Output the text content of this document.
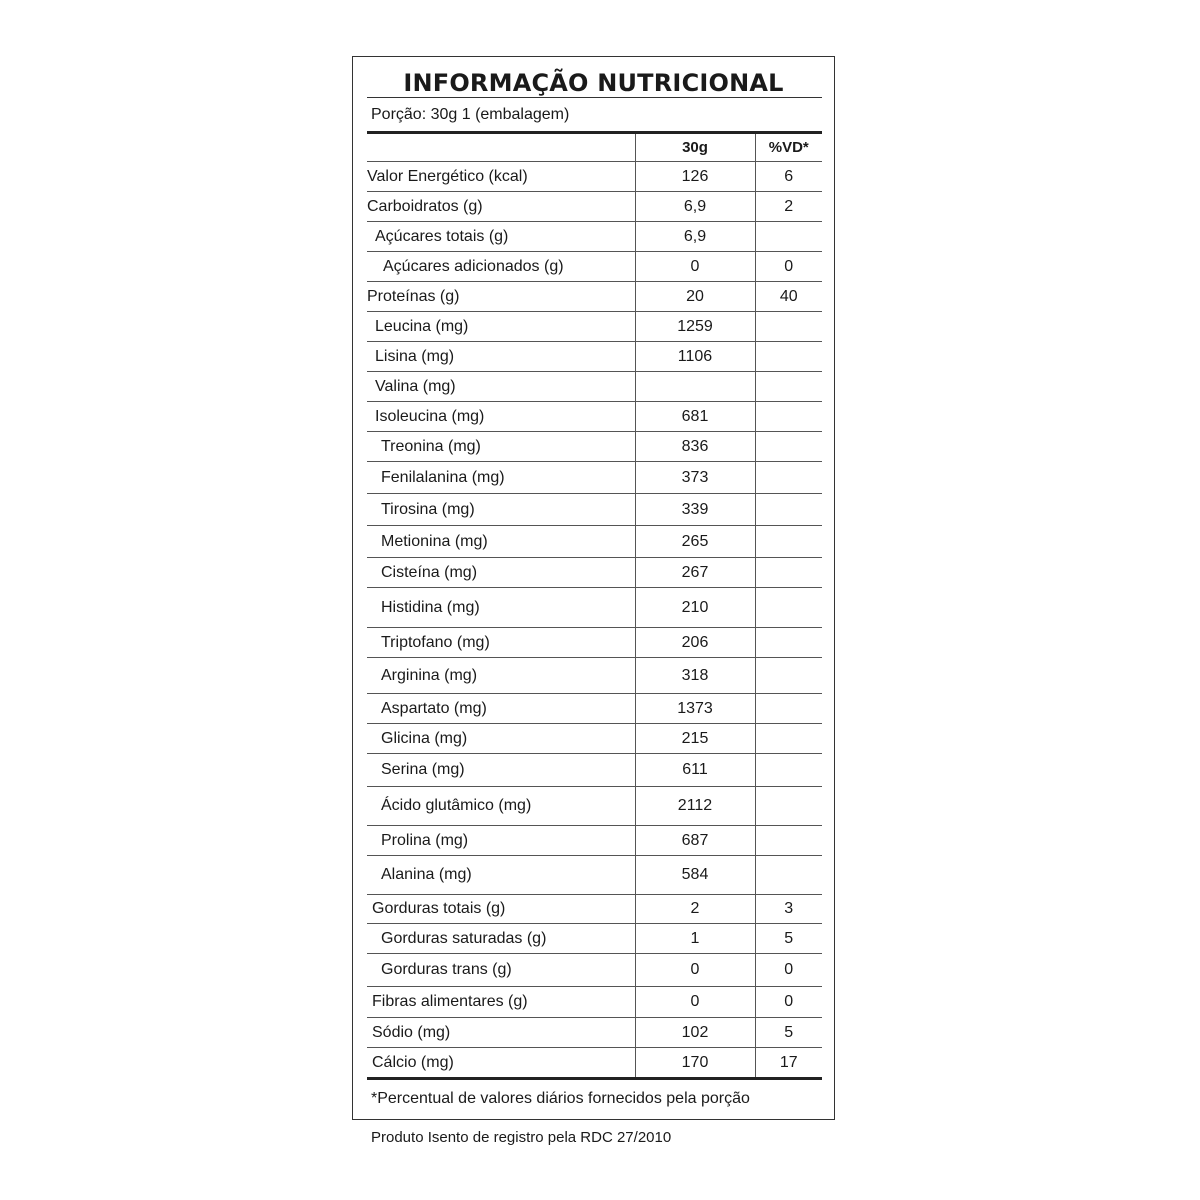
INFORMAÇÃO NUTRICIONAL
Porção: 30g 1 (embalagem)
	30g	%VD*
Valor Energético (kcal)	126	6
Carboidratos (g)	6,9	2
Açúcares totais (g)	6,9	
Açúcares adicionados (g)	0	0
Proteínas (g)	20	40
Leucina (mg)	1259	
Lisina (mg)	1106	
Valina (mg)		
Isoleucina (mg)	681	
Treonina (mg)	836	
Fenilalanina (mg)	373	
Tirosina (mg)	339	
Metionina (mg)	265	
Cisteína (mg)	267	
Histidina (mg)	210	
Triptofano (mg)	206	
Arginina (mg)	318	
Aspartato (mg)	1373	
Glicina (mg)	215	
Serina (mg)	611	
Ácido glutâmico (mg)	2112	
Prolina (mg)	687	
Alanina (mg)	584	
Gorduras totais (g)	2	3
Gorduras saturadas (g)	1	5
Gorduras trans (g)	0	0
Fibras alimentares (g)	0	0
Sódio (mg)	102	5
Cálcio (mg)	170	17
*Percentual de valores diários fornecidos pela porção
Produto Isento de registro pela RDC 27/2010
